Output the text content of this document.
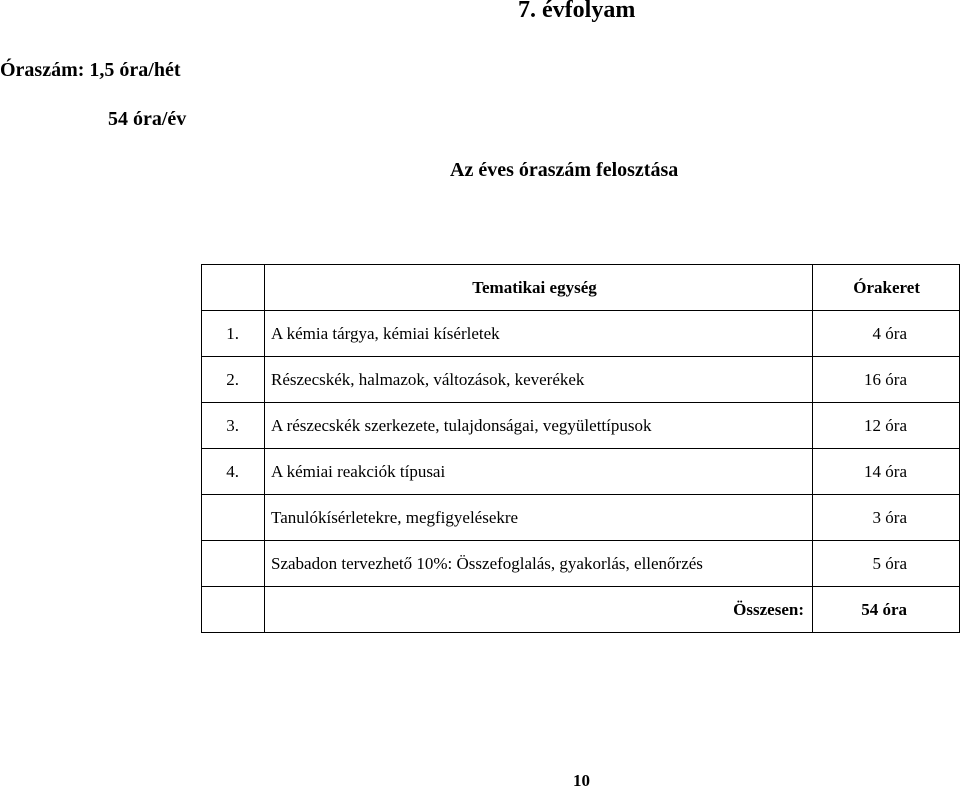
7. évfolyam
Óraszám: 1,5 óra/hét
54 óra/év
Az éves óraszám felosztása
	Tematikai egység	Órakeret
1.	A kémia tárgya, kémiai kísérletek	4 óra
2.	Részecskék, halmazok, változások, keverékek	16 óra
3.	A részecskék szerkezete, tulajdonságai, vegyülettípusok	12 óra
4.	A kémiai reakciók típusai	14 óra
	Tanulókísérletekre, megfigyelésekre	3 óra
	Szabadon tervezhető 10%: Összefoglalás, gyakorlás, ellenőrzés	5 óra
	Összesen:	54 óra
10
